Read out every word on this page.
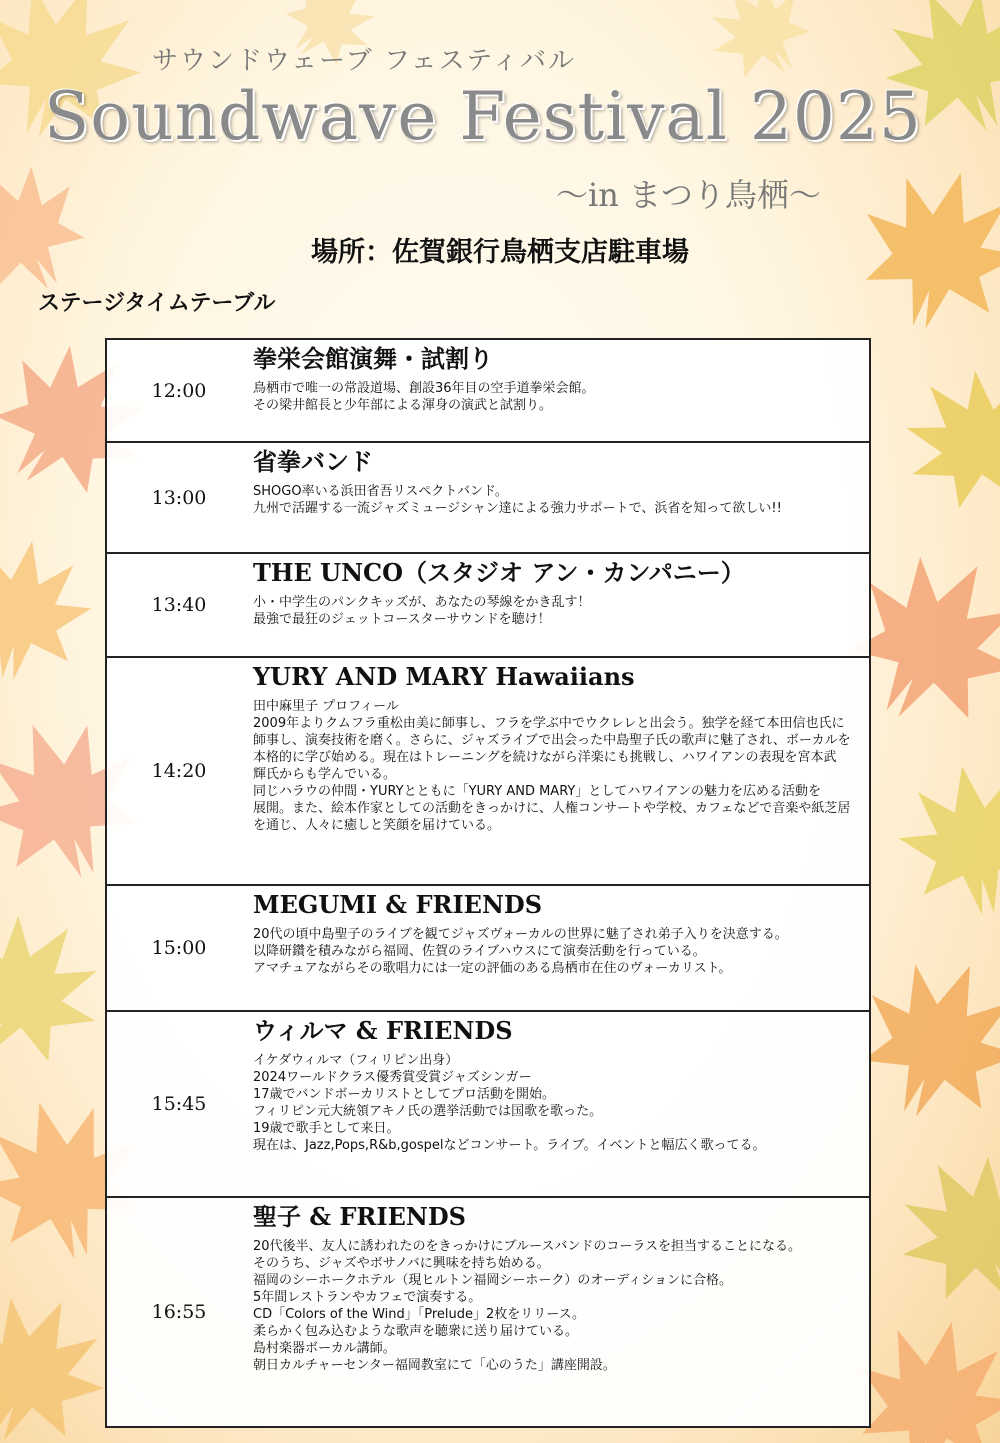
サウンドウェーブ フェスティバル
Soundwave Festival 2025
～in まつり鳥栖～
場所：佐賀銀行鳥栖支店駐車場
ステージタイムテーブル
12:00
拳栄会館演舞・試割り
鳥栖市で唯一の常設道場、創設36年目の空手道拳栄会館。
その梁井館長と少年部による渾身の演武と試割り。
13:00
省拳バンド
SHOGO率いる浜田省吾リスペクトバンド。
九州で活躍する一流ジャズミュージシャン達による強力サポートで、浜省を知って欲しい!!
13:40
THE UNCO（スタジオ アン・カンパニー）
小・中学生のパンクキッズが、あなたの琴線をかき乱す！
最強で最狂のジェットコースターサウンドを聴け！
14:20
YURY AND MARY Hawaiians
田中麻里子 プロフィール
2009年よりクムフラ重松由美に師事し、フラを学ぶ中でウクレレと出会う。独学を経て本田信也氏に
師事し、演奏技術を磨く。さらに、ジャズライブで出会った中島聖子氏の歌声に魅了され、ボーカルを
本格的に学び始める。現在はトレーニングを続けながら洋楽にも挑戦し、ハワイアンの表現を宮本武
輝氏からも学んでいる。
同じハラウの仲間・YURYとともに「YURY AND MARY」としてハワイアンの魅力を広める活動を
展開。また、絵本作家としての活動をきっかけに、人権コンサートや学校、カフェなどで音楽や紙芝居
を通じ、人々に癒しと笑顔を届けている。
15:00
MEGUMI & FRIENDS
20代の頃中島聖子のライブを観てジャズヴォーカルの世界に魅了され弟子入りを決意する。
以降研鑽を積みながら福岡、佐賀のライブハウスにて演奏活動を行っている。
アマチュアながらその歌唱力には一定の評価のある鳥栖市在住のヴォーカリスト。
15:45
ウィルマ & FRIENDS
イケダウィルマ（フィリピン出身）
2024ワールドクラス優秀賞受賞ジャズシンガー
17歳でバンドボーカリストとしてプロ活動を開始。
フィリピン元大統領アキノ氏の選挙活動では国歌を歌った。
19歳で歌手として来日。
現在は、Jazz,Pops,R&b,gospelなどコンサート。ライブ。イベントと幅広く歌ってる。
16:55
聖子 & FRIENDS
20代後半、友人に誘われたのをきっかけにブルースバンドのコーラスを担当することになる。
そのうち、ジャズやボサノバに興味を持ち始める。
福岡のシーホークホテル（現ヒルトン福岡シーホーク）のオーディションに合格。
5年間レストランやカフェで演奏する。
CD「Colors of the Wind」「Prelude」2枚をリリース。
柔らかく包み込むような歌声を聴衆に送り届けている。
島村楽器ボーカル講師。
朝日カルチャーセンター福岡教室にて「心のうた」講座開設。
